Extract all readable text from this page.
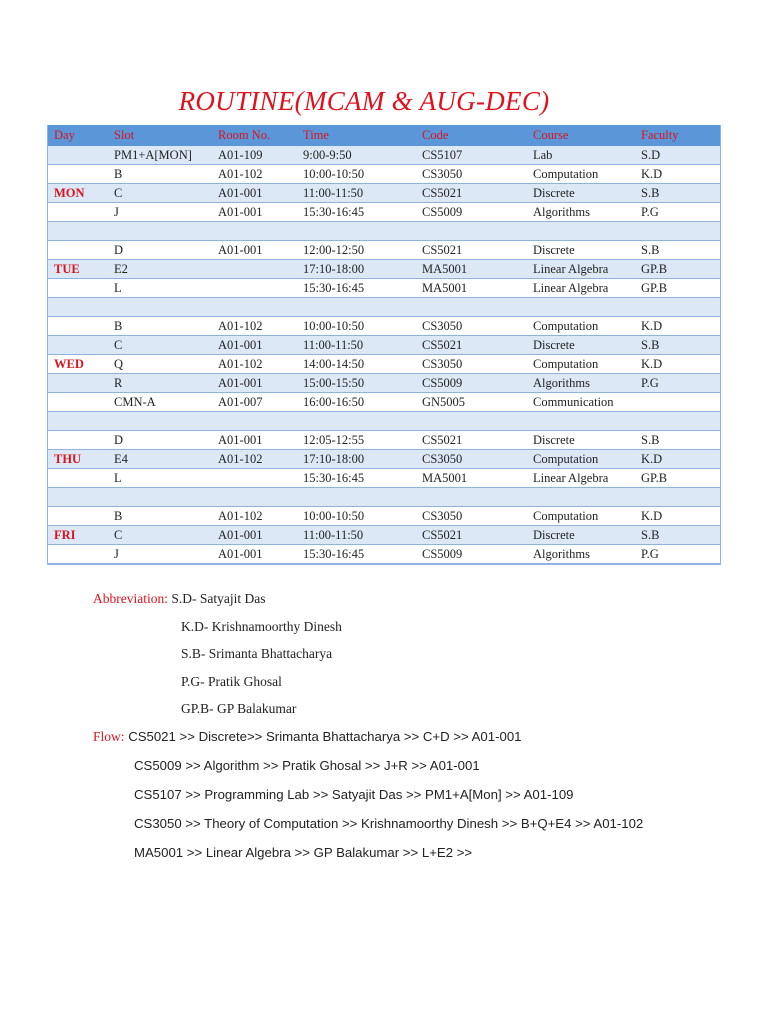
ROUTINE(MCAM & AUG-DEC)
Day	Slot	Room No.	Time	Code	Course	Faculty
	PM1+A[MON]	A01-109	9:00-9:50	CS5107	Lab	S.D
	B	A01-102	10:00-10:50	CS3050	Computation	K.D
MON	C	A01-001	11:00-11:50	CS5021	Discrete	S.B
	J	A01-001	15:30-16:45	CS5009	Algorithms	P.G

	D	A01-001	12:00-12:50	CS5021	Discrete	S.B
TUE	E2		17:10-18:00	MA5001	Linear Algebra	GP.B
	L		15:30-16:45	MA5001	Linear Algebra	GP.B

	B	A01-102	10:00-10:50	CS3050	Computation	K.D
	C	A01-001	11:00-11:50	CS5021	Discrete	S.B
WED	Q	A01-102	14:00-14:50	CS3050	Computation	K.D
	R	A01-001	15:00-15:50	CS5009	Algorithms	P.G
	CMN-A	A01-007	16:00-16:50	GN5005	Communication	

	D	A01-001	12:05-12:55	CS5021	Discrete	S.B
THU	E4	A01-102	17:10-18:00	CS3050	Computation	K.D
	L		15:30-16:45	MA5001	Linear Algebra	GP.B

	B	A01-102	10:00-10:50	CS3050	Computation	K.D
FRI	C	A01-001	11:00-11:50	CS5021	Discrete	S.B
	J	A01-001	15:30-16:45	CS5009	Algorithms	P.G
Abbreviation: S.D- Satyajit Das
K.D- Krishnamoorthy Dinesh
S.B- Srimanta Bhattacharya
P.G- Pratik Ghosal
GP.B- GP Balakumar
Flow: CS5021 >> Discrete>> Srimanta Bhattacharya >> C+D >> A01-001
CS5009 >> Algorithm >> Pratik Ghosal >> J+R >> A01-001
CS5107 >> Programming Lab >> Satyajit Das >> PM1+A[Mon] >> A01-109
CS3050 >> Theory of Computation >> Krishnamoorthy Dinesh >> B+Q+E4 >> A01-102
MA5001 >> Linear Algebra >> GP Balakumar >> L+E2 >>
